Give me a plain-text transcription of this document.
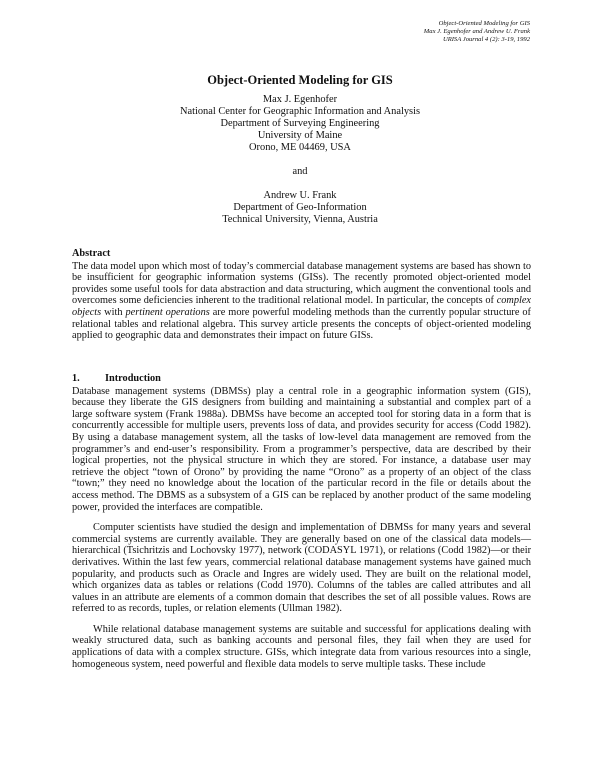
Object-Oriented Modeling for GIS
Max J. Egenhofer and Andrew U. Frank
URISA Journal 4 (2): 3-19, 1992
Object-Oriented Modeling for GIS
Max J. Egenhofer
National Center for Geographic Information and Analysis
Department of Surveying Engineering
University of Maine
Orono, ME 04469, USA
and
Andrew U. Frank
Department of Geo-Information
Technical University, Vienna, Austria
Abstract

The data model upon which most of today’s commercial database management systems are based has shown to be insufficient for geographic information systems (GISs). The recently promoted object-oriented model provides some useful tools for data abstraction and data structuring, which augment the conventional tools and overcomes some deficiencies inherent to the traditional relational model. In particular, the concepts of complex objects with pertinent operations are more powerful modeling methods than the currently popular structure of relational tables and relational algebra. This survey article presents the concepts of object-oriented modeling applied to geographic data and demonstrates their impact on future GISs.

1. Introduction

Database management systems (DBMSs) play a central role in a geographic information system (GIS), because they liberate the GIS designers from building and maintaining a substantial and complex part of a large software system (Frank 1988a). DBMSs have become an accepted tool for storing data in a form that is concurrently accessible for multiple users, prevents loss of data, and provides security for access (Codd 1982). By using a database management system, all the tasks of low-level data management are removed from the programmer’s and end-user’s responsibility. From a programmer’s perspective, data are described by their logical properties, not the physical structure in which they are stored. For instance, a database user may retrieve the object “town of Orono” by providing the name “Orono” as a property of an object of the class “town;” they need no knowledge about the location of the particular record in the file or details about the access method. The DBMS as a subsystem of a GIS can be replaced by another product of the same modeling power, provided the interfaces are compatible.

Computer scientists have studied the design and implementation of DBMSs for many years and several commercial systems are currently available. They are generally based on one of the classical data models—hierarchical (Tsichritzis and Lochovsky 1977), network (CODASYL 1971), or relations (Codd 1982)—or their derivatives. Within the last few years, commercial relational database management systems have gained much popularity, and products such as Oracle and Ingres are widely used. They are built on the relational model, which organizes data as tables or relations (Codd 1970). Columns of the tables are called attributes and all values in an attribute are elements of a common domain that describes the set of all possible values. Rows are referred to as records, tuples, or relation elements (Ullman 1982).

While relational database management systems are suitable and successful for applications dealing with weakly structured data, such as banking accounts and personal files, they fail when they are used for applications of data with a complex structure. GISs, which integrate data from various resources into a single, homogeneous system, need powerful and flexible data models to serve multiple tasks. These include
